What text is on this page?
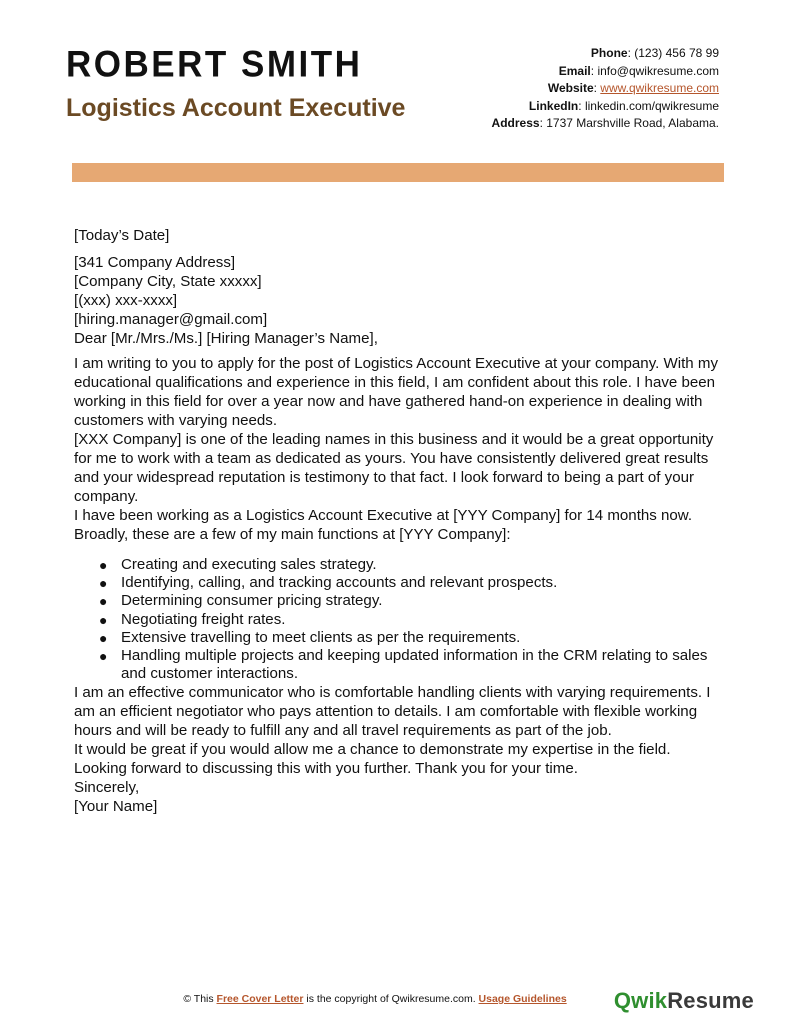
ROBERT SMITH
Logistics Account Executive
Phone: (123) 456 78 99
Email: info@qwikresume.com
Website: www.qwikresume.com
LinkedIn: linkedin.com/qwikresume
Address: 1737 Marshville Road, Alabama.

[Today’s Date]

[341 Company Address]

[Company City, State xxxxx]

[(xxx) xxx-xxxx]

[hiring.manager@gmail.com]

Dear [Mr./Mrs./Ms.] [Hiring Manager’s Name],

I am writing to you to apply for the post of Logistics Account Executive at your company. With my educational qualifications and experience in this field, I am confident about this role. I have been working in this field for over a year now and have gathered hand-on experience in dealing with customers with varying needs.

[XXX Company] is one of the leading names in this business and it would be a great opportunity for me to work with a team as dedicated as yours. You have consistently delivered great results and your widespread reputation is testimony to that fact. I look forward to being a part of your company.

I have been working as a Logistics Account Executive at [YYY Company] for 14 months now. Broadly, these are a few of my main functions at [YYY Company]:

● Creating and executing sales strategy.
● Identifying, calling, and tracking accounts and relevant prospects.
● Determining consumer pricing strategy.
● Negotiating freight rates.
● Extensive travelling to meet clients as per the requirements.
● Handling multiple projects and keeping updated information in the CRM relating to sales and customer interactions.

I am an effective communicator who is comfortable handling clients with varying requirements. I am an efficient negotiator who pays attention to details. I am comfortable with flexible working hours and will be ready to fulfill any and all travel requirements as part of the job.

It would be great if you would allow me a chance to demonstrate my expertise in the field. Looking forward to discussing this with you further. Thank you for your time.

Sincerely,

[Your Name]

© This Free Cover Letter is the copyright of Qwikresume.com. Usage Guidelines	QwikResume
